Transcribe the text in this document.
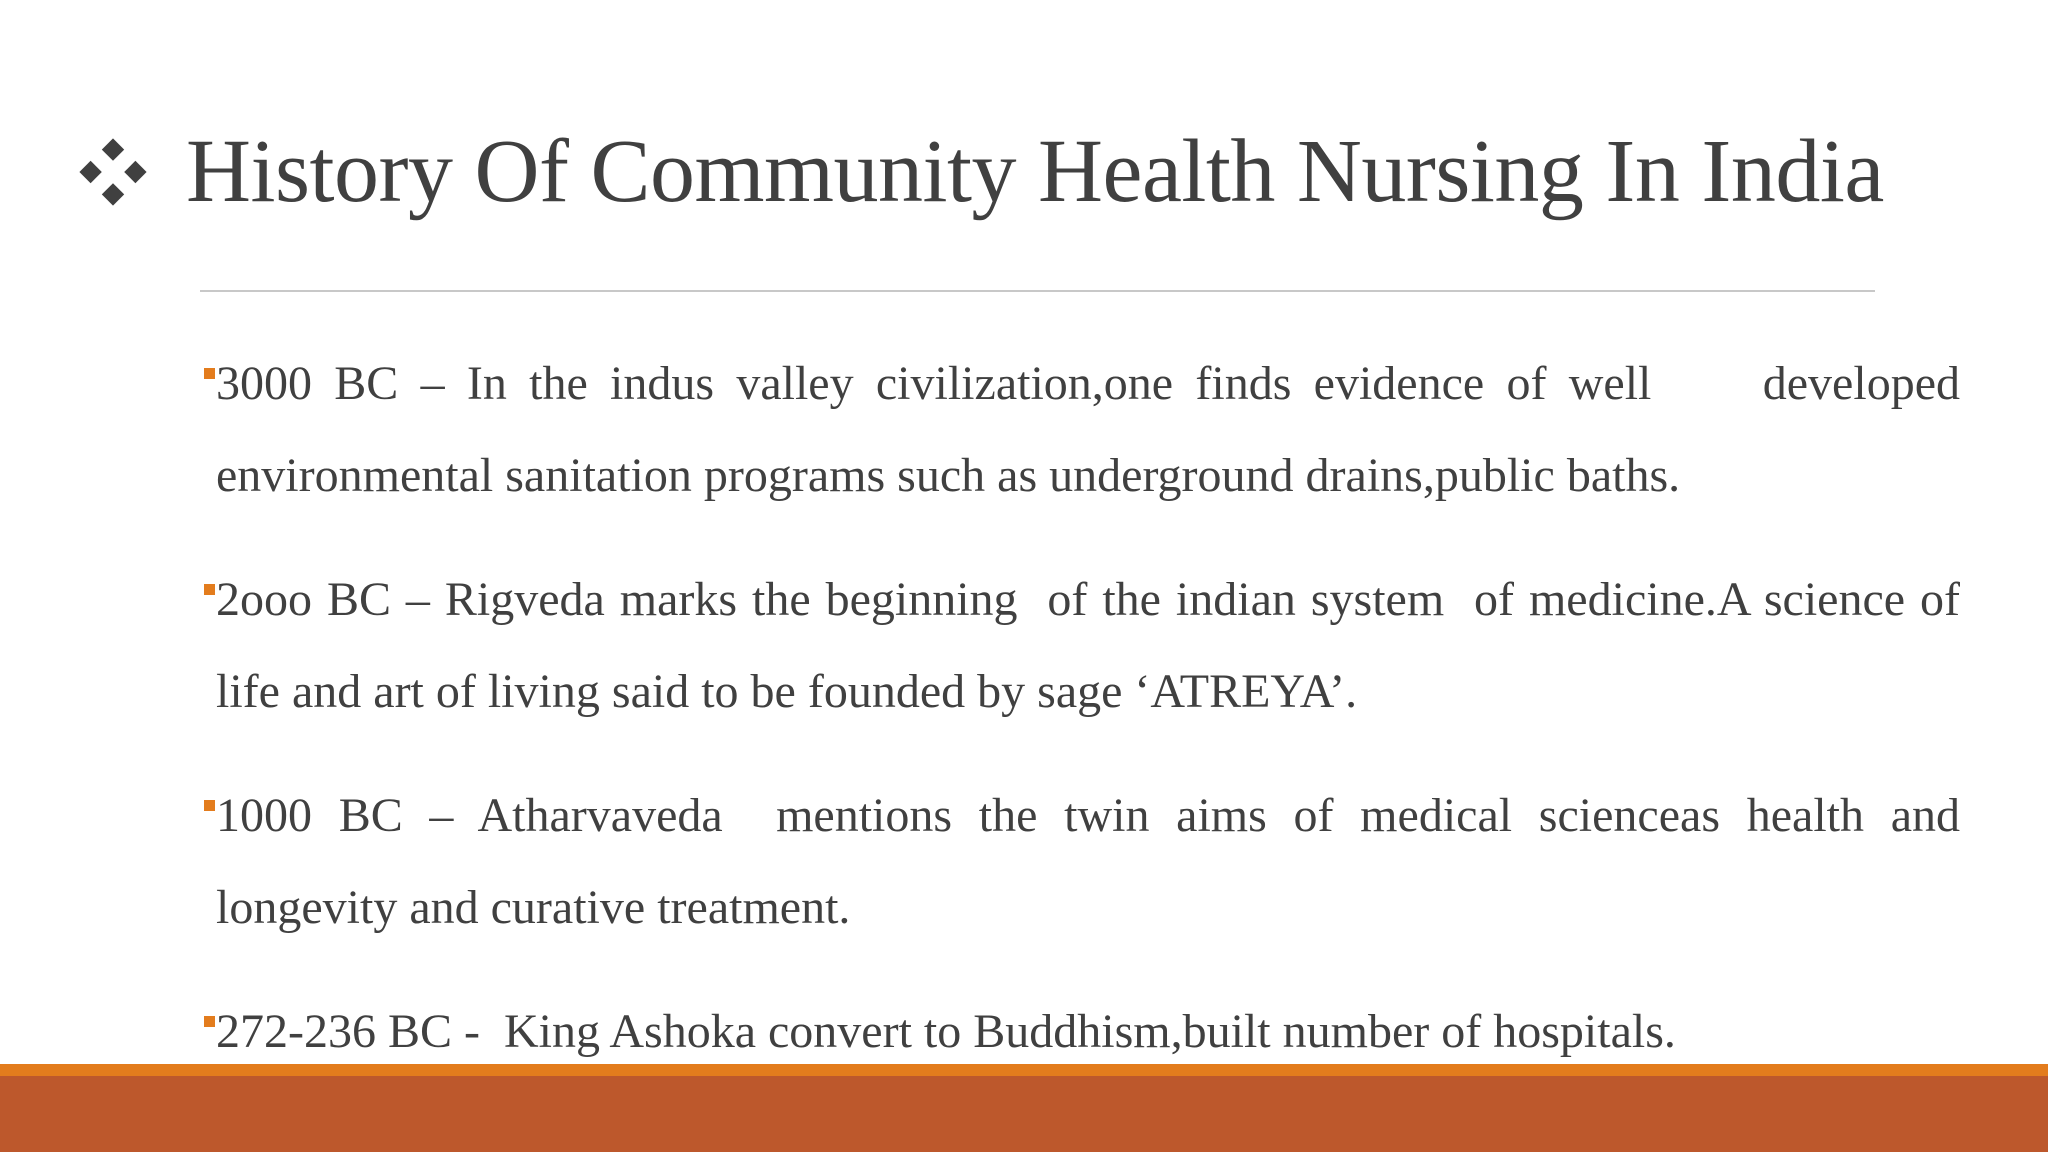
History Of Community Health Nursing In India
3000 BC – In the indus valley civilization,one finds evidence of well     developed environmental sanitation programs such as underground drains,public baths.
2ooo BC – Rigveda marks the beginning  of the indian system  of medicine.A science of life and art of living said to be founded by sage ‘ATREYA’.
1000 BC – Atharvaveda  mentions the twin aims of medical scienceas health and longevity and curative treatment.
272-236 BC -  King Ashoka convert to Buddhism,built number of hospitals.
